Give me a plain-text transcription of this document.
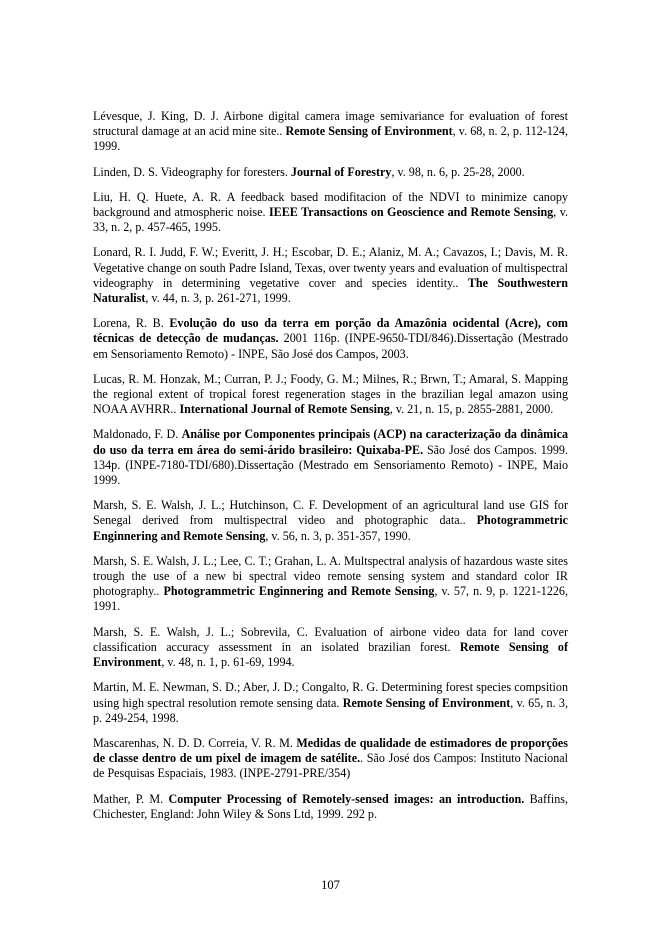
Lévesque, J. King, D. J. Airbone digital camera image semivariance for evaluation of forest structural damage at an acid mine site.. Remote Sensing of Environment, v. 68, n. 2, p. 112-124, 1999.

Linden, D. S. Videography for foresters. Journal of Forestry, v. 98, n. 6, p. 25-28, 2000.

Liu, H. Q. Huete, A. R. A feedback based modifitacion of the NDVI to minimize canopy background and atmospheric noise. IEEE Transactions on Geoscience and Remote Sensing, v. 33, n. 2, p. 457-465, 1995.

Lonard, R. I. Judd, F. W.; Everitt, J. H.; Escobar, D. E.; Alaniz, M. A.; Cavazos, I.; Davis, M. R. Vegetative change on south Padre Island, Texas, over twenty years and evaluation of multispectral videography in determining vegetative cover and species identity.. The Southwestern Naturalist, v. 44, n. 3, p. 261-271, 1999.

Lorena, R. B. Evolução do uso da terra em porção da Amazônia ocidental (Acre), com técnicas de detecção de mudanças. 2001 116p. (INPE-9650-TDI/846).Dissertação (Mestrado em Sensoriamento Remoto) - INPE, São José dos Campos, 2003.

Lucas, R. M. Honzak, M.; Curran, P. J.; Foody, G. M.; Milnes, R.; Brwn, T.; Amaral, S. Mapping the regional extent of tropical forest regeneration stages in the brazilian legal amazon using NOAA AVHRR.. International Journal of Remote Sensing, v. 21, n. 15, p. 2855-2881, 2000.

Maldonado, F. D. Análise por Componentes principais (ACP) na caracterização da dinâmica do uso da terra em área do semi-árido brasileiro: Quixaba-PE. São José dos Campos. 1999. 134p. (INPE-7180-TDI/680).Dissertação (Mestrado em Sensoriamento Remoto) - INPE, Maio 1999.

Marsh, S. E. Walsh, J. L.; Hutchinson, C. F. Development of an agricultural land use GIS for Senegal derived from multispectral video and photographic data.. Photogrammetric Enginnering and Remote Sensing, v. 56, n. 3, p. 351-357, 1990.

Marsh, S. E. Walsh, J. L.; Lee, C. T.; Grahan, L. A. Multspectral analysis of hazardous waste sites trough the use of a new bi spectral video remote sensing system and standard color IR photography.. Photogrammetric Enginnering and Remote Sensing, v. 57, n. 9, p. 1221-1226, 1991.

Marsh, S. E. Walsh, J. L.; Sobrevila, C. Evaluation of airbone video data for land cover classification accuracy assessment in an isolated brazilian forest. Remote Sensing of Environment, v. 48, n. 1, p. 61-69, 1994.

Martin, M. E. Newman, S. D.; Aber, J. D.; Congalto, R. G. Determining forest species compsition using high spectral resolution remote sensing data. Remote Sensing of Environment, v. 65, n. 3, p. 249-254, 1998.

Mascarenhas, N. D. D. Correia, V. R. M. Medidas de qualidade de estimadores de proporções de classe dentro de um pixel de imagem de satélite.. São José dos Campos: Instituto Nacional de Pesquisas Espaciais, 1983. (INPE-2791-PRE/354)

Mather, P. M. Computer Processing of Remotely-sensed images: an introduction. Baffins, Chichester, England: John Wiley & Sons Ltd, 1999. 292 p.

107
